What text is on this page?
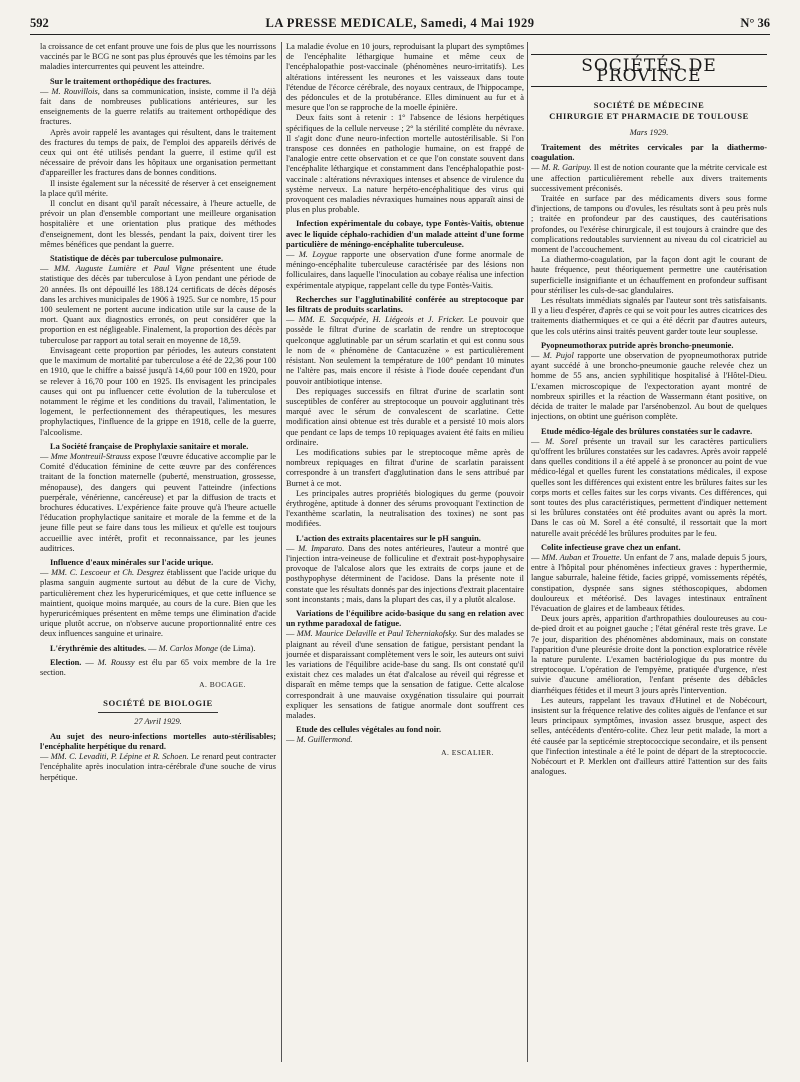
592	LA PRESSE MEDICALE, Samedi, 4 Mai 1929	N° 36

la croissance de cet enfant prouve une fois de plus que les nourrissons vaccinés par le BCG ne sont pas plus éprouvés que les témoins par les maladies intercurrentes qui peuvent les atteindre.

Sur le traitement orthopédique des fractures.

— M. Rouvillois, dans sa communication, insiste, comme il l'a déjà fait dans de nombreuses publications antérieures, sur les enseignements de la guerre relatifs au traitement orthopédique des fractures.

Après avoir rappelé les avantages qui résultent, dans le traitement des fractures du temps de paix, de l'emploi des appareils dérivés de ceux qui ont été utilisés pendant la guerre, il estime qu'il est nécessaire de prévoir dans les hôpitaux une organisation permettant d'appareiller les fractures dans de bonnes conditions.

Il insiste également sur la nécessité de réserver à cet enseignement la place qu'il mérite.

Il conclut en disant qu'il paraît nécessaire, à l'heure actuelle, de prévoir un plan d'ensemble comportant une meilleure organisation hospitalière et une orientation plus pratique des méthodes d'enseignement, dont les blessés, pendant la paix, doivent tirer les mêmes bénéfices que pendant la guerre.

Statistique de décès par tuberculose pulmonaire.

— MM. Auguste Lumière et Paul Vigne présentent une étude statistique des décès par tuberculose à Lyon pendant une période de 20 années. Ils ont dépouillé les 188.124 certificats de décès déposés dans les archives municipales de 1906 à 1925. Sur ce nombre, 15 pour 100 seulement ne portent aucune indication utile sur la cause de la mort. Quant aux diagnostics erronés, on peut considérer que la proportion en est négligeable. Finalement, la proportion des décès par tuberculose par rapport au total serait en moyenne de 18,59.

Envisageant cette proportion par périodes, les auteurs constatent que le maximum de mortalité par tuberculose a été de 22,36 pour 100 en 1910, que le chiffre a baissé jusqu'à 14,60 pour 100 en 1920, pour se relever à 16,70 pour 100 en 1925. Ils envisagent les principales causes qui ont pu influencer cette évolution de la tuberculose et notamment le régime et les conditions du travail, l'alimentation, le logement, le perfectionnement des thérapeutiques, les mesures prophylactiques, l'influence de la grippe en 1918, celle de la guerre, l'alcoolisme.

La Société française de Prophylaxie sanitaire et morale.

— Mme Montreuil-Strauss expose l'œuvre éducative accomplie par le Comité d'éducation féminine de cette œuvre par des conférences traitant de la fonction maternelle (puberté, menstruation, grossesse, ménopause), des dangers qui peuvent l'atteindre (infections puerpérale, vénérienne, cancéreuse) et par la diffusion de tracts et brochures éducatives. L'expérience faite prouve qu'à l'heure actuelle l'éducation prophylactique sanitaire et morale de la femme et de la jeune fille peut se faire dans tous les milieux et qu'elle est toujours accueillie avec intérêt, profit et reconnaissance, par les jeunes auditrices.

Influence d'eaux minérales sur l'acide urique.

— MM. C. Lescoeur et Ch. Desgrez établissent que l'acide urique du plasma sanguin augmente surtout au début de la cure de Vichy, particulièrement chez les hyperuricémiques, et que cette influence se maintient, quoique moins marquée, au cours de la cure. Bien que les hyperuricémiques présentent en même temps une élimination d'acide urique plutôt accrue, on n'observe aucune proportionnalité entre ces deux influences sanguine et urinaire.

L'érythrémie des altitudes. — M. Carlos Monge (de Lima).

Election. — M. Roussy est élu par 65 voix membre de la 1re section.

A. BOCAGE.

SOCIÉTÉ DE BIOLOGIE

27 Avril 1929.

Au sujet des neuro-infections mortelles auto-stérilisables; l'encéphalite herpétique du renard.

— MM. C. Levaditi, P. Lépine et R. Schoen. Le renard peut contracter l'encéphalite après inoculation intra-cérébrale d'une souche de virus herpétique.

La maladie évolue en 10 jours, reproduisant la plupart des symptômes de l'encéphalite léthargique humaine et même ceux de l'encéphalopathie post-vaccinale (phénomènes neuro-irritatifs). Les altérations intéressent les neurones et les vaisseaux dans toute l'étendue de l'écorce cérébrale, des noyaux centraux, de l'hippocampe, des pédoncules et de la protubérance. Elles diminuent au fur et à mesure que l'on se rapproche de la moelle épinière.

Deux faits sont à retenir : 1° l'absence de lésions herpétiques spécifiques de la cellule nerveuse ; 2° la stérilité complète du névraxe. Il s'agit donc d'une neuro-infection mortelle autostérilisable. Si l'on transpose ces données en pathologie humaine, on est frappé de l'analogie entre cette observation et ce que l'on constate souvent dans l'encéphalite léthargique et constamment dans l'encéphalopathie post-vaccinale : altérations névraxiques intenses et absence de virulence du système nerveux. La nature herpéto-encéphalitique des virus qui provoquent ces maladies névraxiques humaines nous apparaît ainsi de plus en plus probable.

Infection expérimentale du cobaye, type Fontès-Vaitis, obtenue avec le liquide céphalo-rachidien d'un malade atteint d'une forme particulière de méningo-encéphalite tuberculeuse.

— M. Loygue rapporte une observation d'une forme anormale de méningo-encéphalite tuberculeuse caractérisée par des lésions non folliculaires, dans laquelle l'inoculation au cobaye réalisa une infection expérimentale atypique, rappelant celle du type Fontès-Vaitis.

Recherches sur l'agglutinabilité conférée au streptocoque par les filtrats de produits scarlatins.

— MM. E. Sacquépée, H. Liégeois et J. Fricker. Le pouvoir que possède le filtrat d'urine de scarlatin de rendre un streptocoque quelconque agglutinable par un sérum scarlatin et qui est connu sous le nom de « phénomène de Cantacuzène » est particulièrement résistant. Non seulement la température de 100° pendant 10 minutes ne l'altère pas, mais encore il résiste à l'iode douée cependant d'un pouvoir antibiotique intense.

Des repiquages successifs en filtrat d'urine de scarlatin sont susceptibles de conférer au streptocoque un pouvoir agglutinant très marqué avec le sérum de convalescent de scarlatine. Cette modification ainsi obtenue est très durable et a persisté 10 mois alors que pendant ce laps de temps 10 repiquages avaient été faits en milieu ordinaire.

Les modifications subies par le streptocoque même après de nombreux repiquages en filtrat d'urine de scarlatin paraissent correspondre à un transfert d'agglutination dans le sens attribué par Burnet à ce mot.

Les principales autres propriétés biologiques du germe (pouvoir érythrogène, aptitude à donner des sérums provoquant l'extinction de l'exanthème scarlatin, la neutralisation des toxines) ne sont pas modifiées.

L'action des extraits placentaires sur le pH sanguin.

— M. Imparato. Dans des notes antérieures, l'auteur a montré que l'injection intra-veineuse de folliculine et d'extrait post-hypophysaire provoque de l'alcalose alors que les extraits de corps jaune et de posthypophyse déterminent de l'acidose. Dans la présente note il constate que les résultats donnés par des injections d'extrait placentaire sont inconstants ; mais, dans la plupart des cas, il y a plutôt alcalose.

Variations de l'équilibre acido-basique du sang en relation avec un rythme paradoxal de fatigue.

— MM. Maurice Delaville et Paul Tcherniakofsky. Sur des malades se plaignant au réveil d'une sensation de fatigue, persistant pendant la journée et disparaissant complètement vers le soir, les auteurs ont suivi les variations de l'équilibre acide-base du sang. Ils ont constaté qu'il existait chez ces malades un état d'alcalose au réveil qui régresse et disparaît en même temps que la sensation de fatigue. Cette alcalose correspondrait à une mauvaise oxygénation tissulaire qui pourrait expliquer les sensations de fatigue anormale dont souffrent ces malades.

Etude des cellules végétales au fond noir.

— M. Guillermond.

A. ESCALIER.

SOCIÉTÉS DE PROVINCE

SOCIÉTÉ DE MÉDECINE

CHIRURGIE ET PHARMACIE DE TOULOUSE

Mars 1929.

Traitement des métrites cervicales par la diathermo-coagulation.

— M. R. Garipuy. Il est de notion courante que la métrite cervicale est une affection particulièrement rebelle aux divers traitements successivement préconisés.

Traitée en surface par des médicaments divers sous forme d'injections, de tampons ou d'ovules, les résultats sont à peu près nuls ; traitée en profondeur par des caustiques, des cautérisations profondes, ou l'exérèse chirurgicale, il est toujours à craindre que des complications redoutables surviennent au niveau du col cicatriciel au moment de l'accouchement.

La diathermo-coagulation, par la façon dont agit le courant de haute fréquence, peut théoriquement permettre une cautérisation superficielle insignifiante et un échauffement en profondeur suffisant pour stériliser les culs-de-sac glandulaires.

Les résultats immédiats signalés par l'auteur sont très satisfaisants. Il y a lieu d'espérer, d'après ce qui se voit pour les autres cicatrices des traitements diathermiques et ce qui a été décrit par d'autres auteurs, que les cols utérins ainsi traités peuvent garder toute leur souplesse.

Pyopneumothorax putride après broncho-pneumonie.

— M. Pujol rapporte une observation de pyopneumothorax putride ayant succédé à une broncho-pneumonie gauche relevée chez un homme de 55 ans, ancien syphilitique hospitalisé à l'Hôtel-Dieu. L'examen microscopique de l'expectoration ayant montré de nombreux spirilles et la réaction de Wassermann étant positive, on décida de traiter le malade par l'arsénobenzol. Au bout de quelques injections, on obtint une guérison complète.

Etude médico-légale des brûlures constatées sur le cadavre.

— M. Sorel présente un travail sur les caractères particuliers qu'offrent les brûlures constatées sur les cadavres. Après avoir rappelé dans quelles conditions il a été appelé à se prononcer au point de vue médico-légal et quelles furent les constatations médicales, il expose quelles sont les différences qui existent entre les brûlures faites sur les corps morts et celles faites sur les corps vivants. Ces différences, qui sont toutes des plus caractéristiques, permettent d'indiquer nettement si les brûlures constatées ont été produites avant ou après la mort. Dans le cas où M. Sorel a été consulté, il ressortait que la mort naturelle avait précédé les brûlures produites par le feu.

Colite infectieuse grave chez un enfant.

— MM. Auban et Trouette. Un enfant de 7 ans, malade depuis 5 jours, entre à l'hôpital pour phénomènes infectieux graves : hyperthermie, langue saburrale, haleine fétide, facies grippé, vomissements répétés, constipation, dyspnée sans signes stéthoscopiques, abdomen douloureux et météorisé. Des lavages intestinaux entraînent l'évacuation de glaires et de lambeaux fétides.

Deux jours après, apparition d'arthropathies douloureuses au cou-de-pied droit et au poignet gauche ; l'état général reste très grave. Le 7e jour, disparition des phénomènes abdominaux, mais on constate l'apparition d'une pleurésie droite dont la ponction exploratrice révèle la nature purulente. L'examen bactériologique du pus montre du streptocoque. L'opération de l'empyème, pratiquée d'urgence, n'est suivie d'aucune amélioration, l'enfant présente des débâcles diarrhéiques fétides et il meurt 3 jours après l'intervention.

Les auteurs, rappelant les travaux d'Hutinel et de Nobécourt, insistent sur la fréquence relative des colites aiguës de l'enfance et sur leurs principaux symptômes, invasion assez brusque, aspect des selles, antécédents d'entéro-colite. Chez leur petit malade, la mort a été causée par la septicémie streptococcique secondaire, et ils pensent que l'infection intestinale a été le point de départ de la streptococcie. Nobécourt et P. Merklen ont d'ailleurs attiré l'attention sur des faits analogues.
